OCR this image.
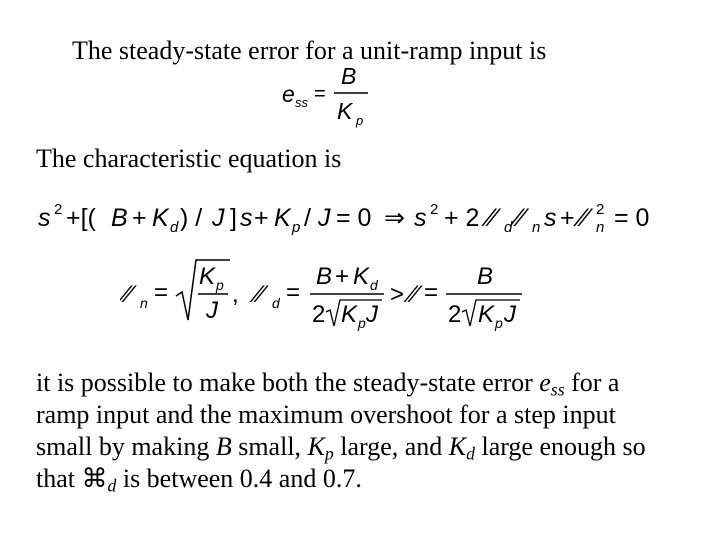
The steady-state error for a unit-ramp input is
e ss =
B
K p
The characteristic equation is
s 2 +[( B + K d ) / J ] s + K p / J = 0 ⇒ s 2 + 2 ⁄⁄ d ⁄⁄ n s + ⁄⁄ 2
n = 0
⁄⁄ n =
K p
J
, ⁄⁄ d =
B + K d
2 K p J
> ⁄⁄ =
B
2 K p J
it is possible to make both the steady-state error $e_{ss}$ for a
ramp input and the maximum overshoot for a step input
small by making B small, $K_p$ large, and $K_d$ large enough so
that $⌘_d$ is between 0.4 and 0.7.
